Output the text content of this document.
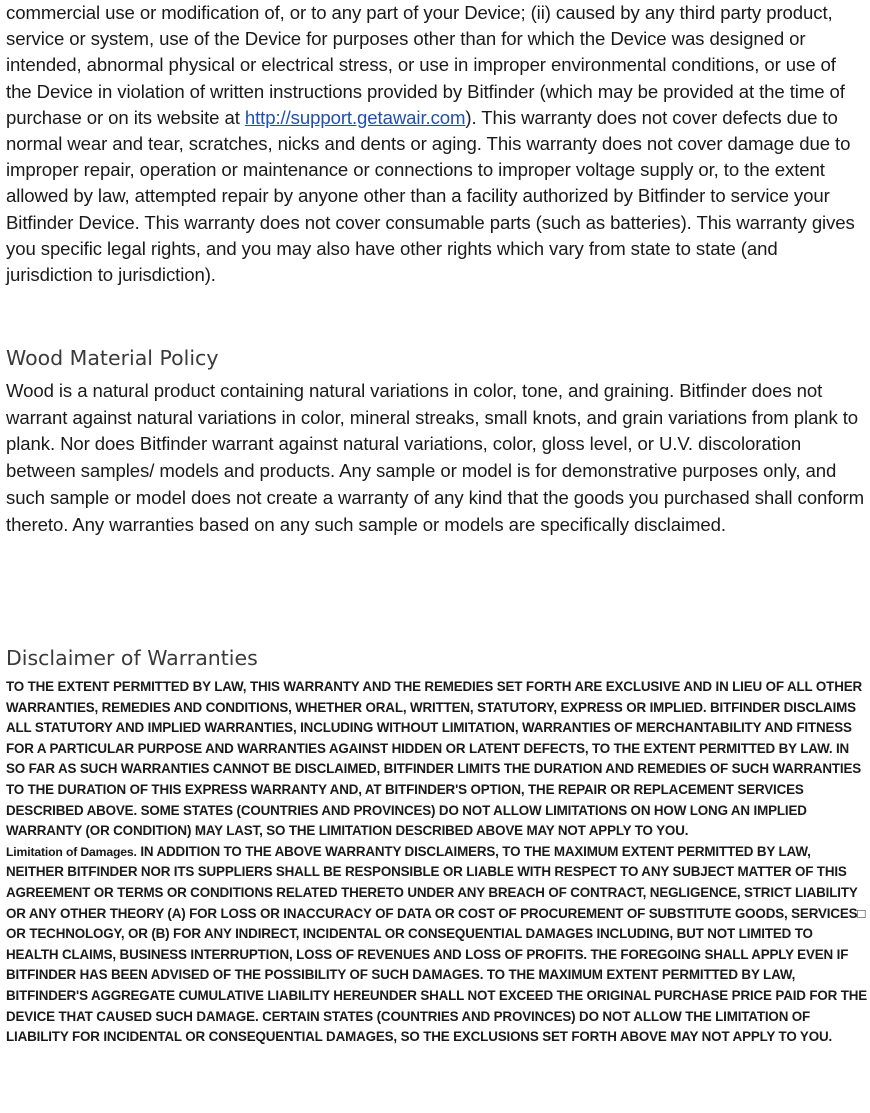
commercial use or modification of, or to any part of your Device; (ii) caused by any third party product, service or system, use of the Device for purposes other than for which the Device was designed or intended, abnormal physical or electrical stress, or use in improper environmental conditions, or use of the Device in violation of written instructions provided by Bitfinder (which may be provided at the time of purchase or on its website at http://support.getawair.com). This warranty does not cover defects due to normal wear and tear, scratches, nicks and dents or aging. This warranty does not cover damage due to improper repair, operation or maintenance or connections to improper voltage supply or, to the extent allowed by law, attempted repair by anyone other than a facility authorized by Bitfinder to service your Bitfinder Device. This warranty does not cover consumable parts (such as batteries). This warranty gives you specific legal rights, and you may also have other rights which vary from state to state (and jurisdiction to jurisdiction).

Wood Material Policy

Wood is a natural product containing natural variations in color, tone, and graining. Bitfinder does not warrant against natural variations in color, mineral streaks, small knots, and grain variations from plank to plank. Nor does Bitfinder warrant against natural variations, color, gloss level, or U.V. discoloration between samples/ models and products. Any sample or model is for demonstrative purposes only, and such sample or model does not create a warranty of any kind that the goods you purchased shall conform thereto. Any warranties based on any such sample or models are specifically disclaimed.

Disclaimer of Warranties

TO THE EXTENT PERMITTED BY LAW, THIS WARRANTY AND THE REMEDIES SET FORTH ARE EXCLUSIVE AND IN LIEU OF ALL OTHER WARRANTIES, REMEDIES AND CONDITIONS, WHETHER ORAL, WRITTEN, STATUTORY, EXPRESS OR IMPLIED. BITFINDER DISCLAIMS ALL STATUTORY AND IMPLIED WARRANTIES, INCLUDING WITHOUT LIMITATION, WARRANTIES OF MERCHANTABILITY AND FITNESS FOR A PARTICULAR PURPOSE AND WARRANTIES AGAINST HIDDEN OR LATENT DEFECTS, TO THE EXTENT PERMITTED BY LAW. IN SO FAR AS SUCH WARRANTIES CANNOT BE DISCLAIMED, BITFINDER LIMITS THE DURATION AND REMEDIES OF SUCH WARRANTIES TO THE DURATION OF THIS EXPRESS WARRANTY AND, AT BITFINDER'S OPTION, THE REPAIR OR REPLACEMENT SERVICES DESCRIBED ABOVE. SOME STATES (COUNTRIES AND PROVINCES) DO NOT ALLOW LIMITATIONS ON HOW LONG AN IMPLIED WARRANTY (OR CONDITION) MAY LAST, SO THE LIMITATION DESCRIBED ABOVE MAY NOT APPLY TO YOU.
Limitation of Damages. IN ADDITION TO THE ABOVE WARRANTY DISCLAIMERS, TO THE MAXIMUM EXTENT PERMITTED BY LAW, NEITHER BITFINDER NOR ITS SUPPLIERS SHALL BE RESPONSIBLE OR LIABLE WITH RESPECT TO ANY SUBJECT MATTER OF THIS AGREEMENT OR TERMS OR CONDITIONS RELATED THERETO UNDER ANY BREACH OF CONTRACT, NEGLIGENCE, STRICT LIABILITY OR ANY OTHER THEORY (A) FOR LOSS OR INACCURACY OF DATA OR COST OF PROCUREMENT OF SUBSTITUTE GOODS, SERVICES□ OR TECHNOLOGY, OR (B) FOR ANY INDIRECT, INCIDENTAL OR CONSEQUENTIAL DAMAGES INCLUDING, BUT NOT LIMITED TO HEALTH CLAIMS, BUSINESS INTERRUPTION, LOSS OF REVENUES AND LOSS OF PROFITS. THE FOREGOING SHALL APPLY EVEN IF BITFINDER HAS BEEN ADVISED OF THE POSSIBILITY OF SUCH DAMAGES. TO THE MAXIMUM EXTENT PERMITTED BY LAW, BITFINDER'S AGGREGATE CUMULATIVE LIABILITY HEREUNDER SHALL NOT EXCEED THE ORIGINAL PURCHASE PRICE PAID FOR THE DEVICE THAT CAUSED SUCH DAMAGE. CERTAIN STATES (COUNTRIES AND PROVINCES) DO NOT ALLOW THE LIMITATION OF LIABILITY FOR INCIDENTAL OR CONSEQUENTIAL DAMAGES, SO THE EXCLUSIONS SET FORTH ABOVE MAY NOT APPLY TO YOU.
